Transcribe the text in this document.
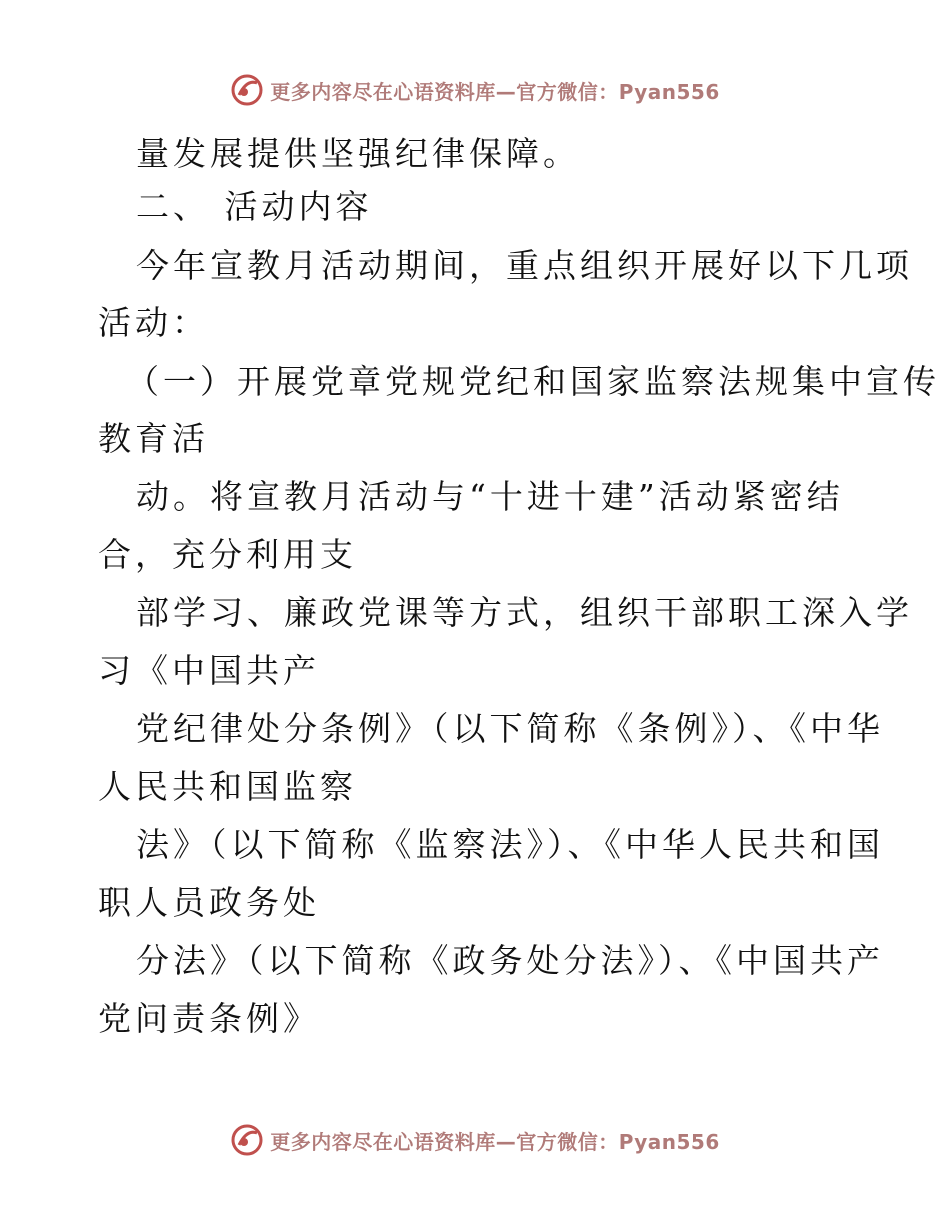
更多内容尽在心语资料库—官方微信：Pyan556
量发展提供坚强纪律保障。
二、 活动内容
今年宣教月活动期间，重点组织开展好以下几项
活动：
（一）开展党章党规党纪和国家监察法规集中宣传
教育活
动。将宣教月活动与“十进十建”活动紧密结
合，充分利用支
部学习、廉政党课等方式，组织干部职工深入学
习《中国共产
党纪律处分条例》（以下简称《条例》）、《中华
人民共和国监察
法》（以下简称《监察法》）、《中华人民共和国
职人员政务处
分法》（以下简称《政务处分法》）、《中国共产
党问责条例》
更多内容尽在心语资料库—官方微信：Pyan556
